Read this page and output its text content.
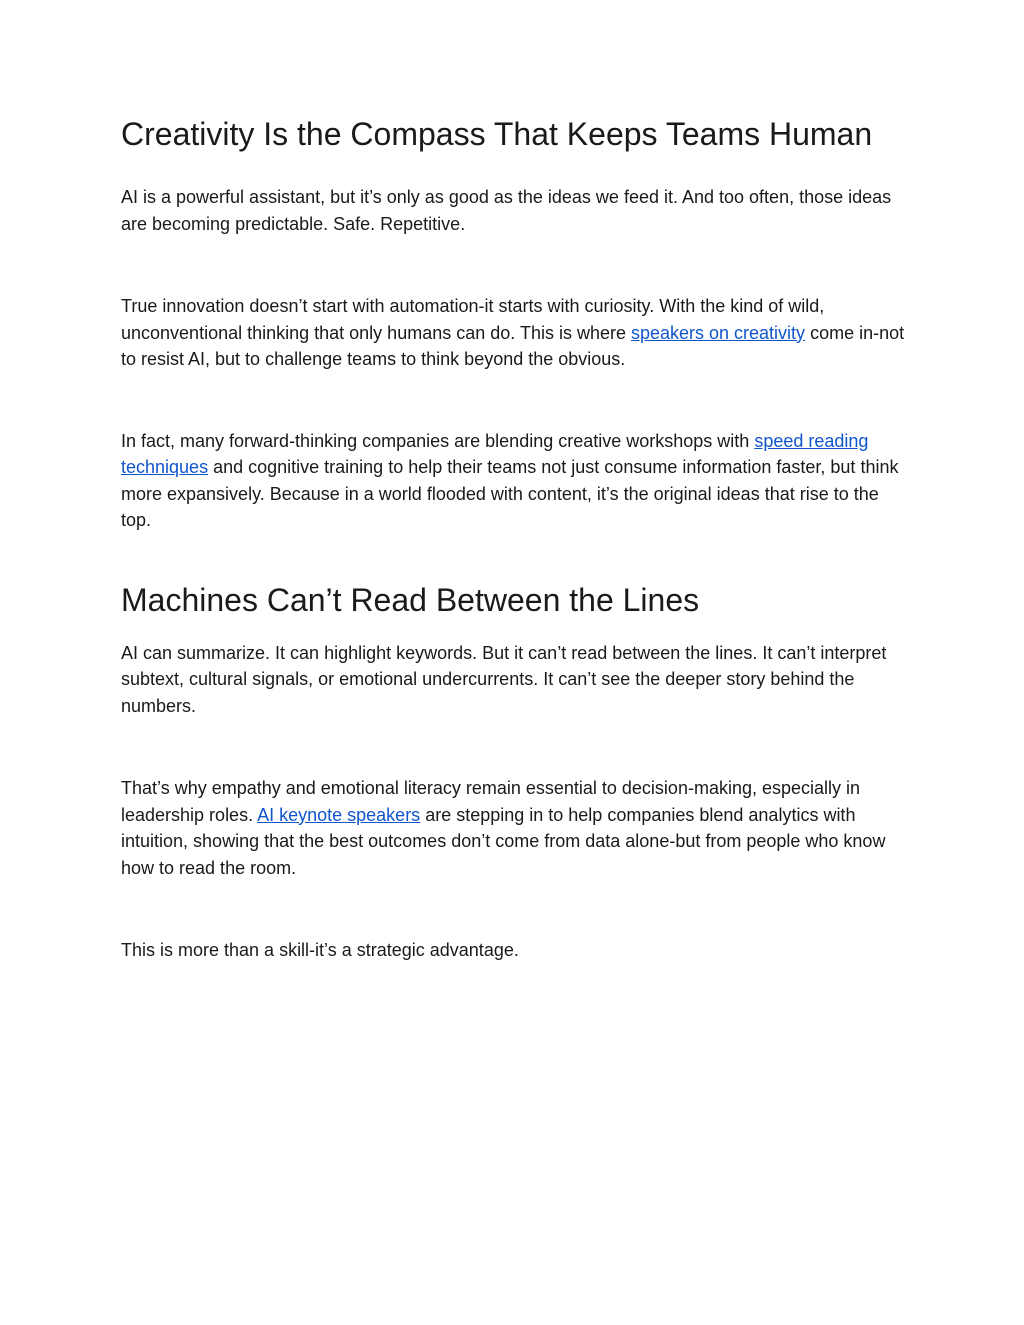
Creativity Is the Compass That Keeps Teams Human

AI is a powerful assistant, but it’s only as good as the ideas we feed it. And too often, those ideas are becoming predictable. Safe. Repetitive.

True innovation doesn’t start with automation-it starts with curiosity. With the kind of wild, unconventional thinking that only humans can do. This is where speakers on creativity come in-not to resist AI, but to challenge teams to think beyond the obvious.

In fact, many forward-thinking companies are blending creative workshops with speed reading techniques and cognitive training to help their teams not just consume information faster, but think more expansively. Because in a world flooded with content, it’s the original ideas that rise to the top.

Machines Can’t Read Between the Lines

AI can summarize. It can highlight keywords. But it can’t read between the lines. It can’t interpret subtext, cultural signals, or emotional undercurrents. It can’t see the deeper story behind the numbers.

That’s why empathy and emotional literacy remain essential to decision-making, especially in leadership roles. AI keynote speakers are stepping in to help companies blend analytics with intuition, showing that the best outcomes don’t come from data alone-but from people who know how to read the room.

This is more than a skill-it’s a strategic advantage.
